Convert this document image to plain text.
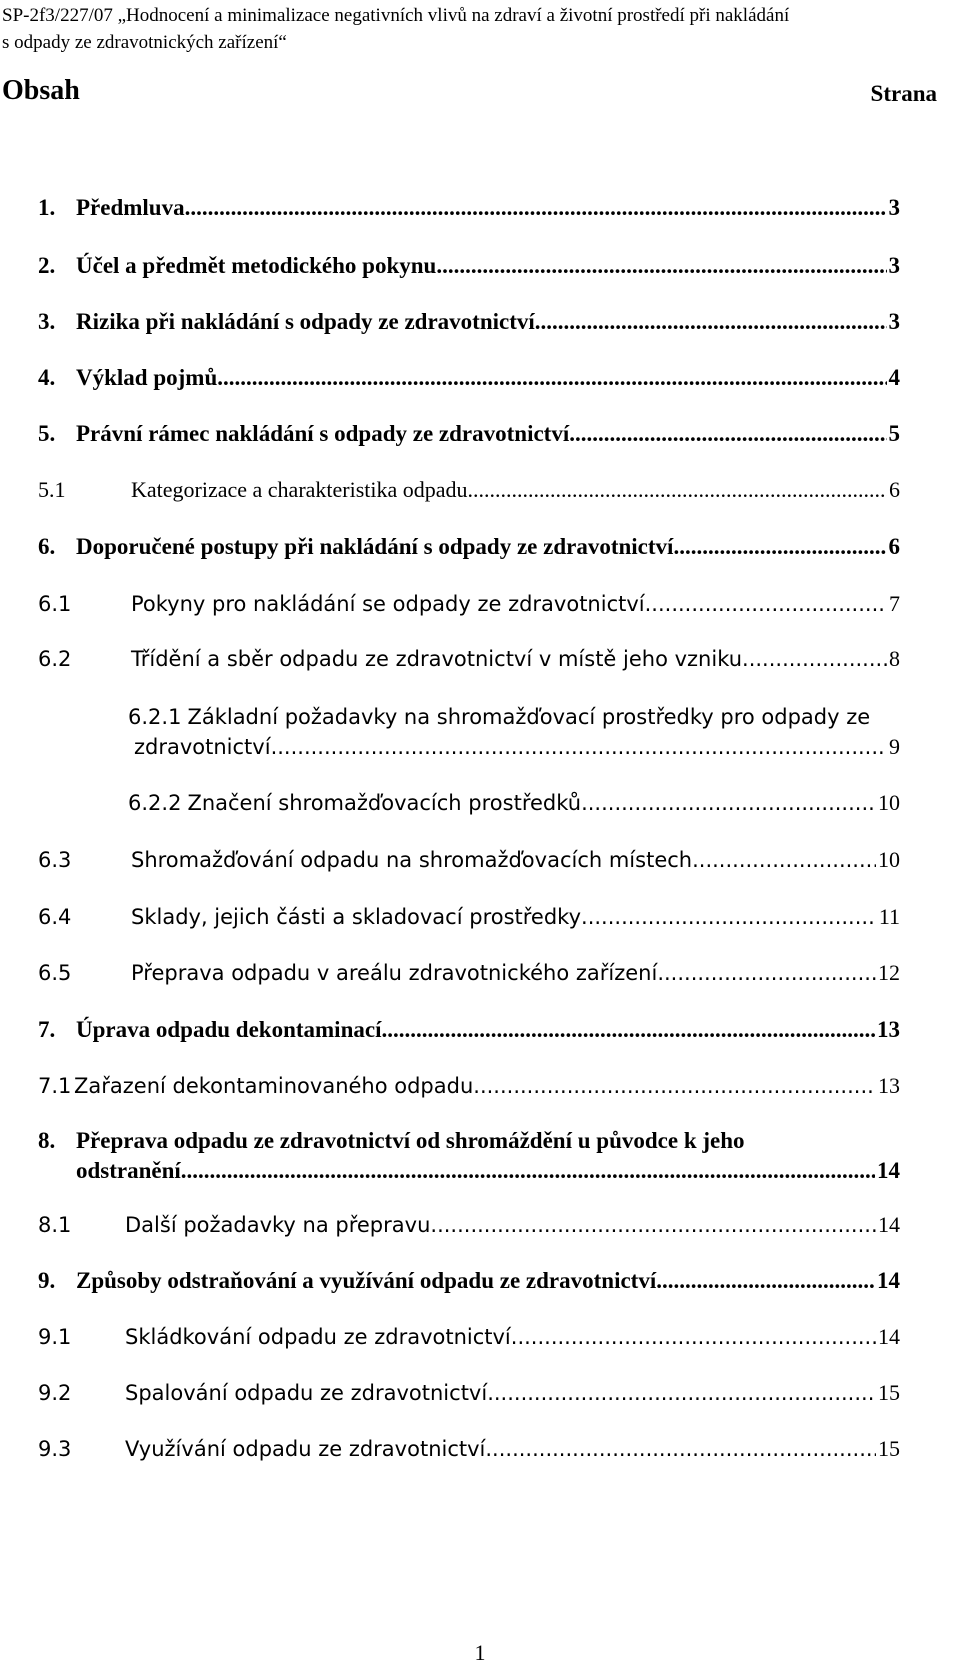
SP-2f3/227/07 „Hodnocení a minimalizace negativních vlivů na zdraví a životní prostředí při nakládání
s odpady ze zdravotnických zařízení“
Obsah	Strana
1. Předmluva .....	3
2. Účel a předmět metodického pokynu .....	3
3. Rizika při nakládání s odpady ze zdravotnictví .....	3
4. Výklad pojmů .....	4
5. Právní rámec nakládání s odpady ze zdravotnictví .....	5
5.1	Kategorizace a charakteristika odpadu .....	6
6. Doporučené postupy při nakládání s odpady ze zdravotnictví .....	6
6.1	Pokyny pro nakládání se odpady ze zdravotnictví .....	7
6.2	Třídění a sběr odpadu ze zdravotnictví v místě jeho vzniku .....	8
6.2.1 Základní požadavky na shromažďovací prostředky pro odpady ze
zdravotnictví .....	9
6.2.2 Značení shromažďovacích prostředků .....	10
6.3	Shromažďování odpadu na shromažďovacích místech .....	10
6.4	Sklady, jejich části a skladovací prostředky .....	11
6.5	Přeprava odpadu v areálu zdravotnického zařízení .....	12
7. Úprava odpadu dekontaminací .....	13
7.1 Zařazení dekontaminovaného odpadu .....	13
8. Přeprava odpadu ze zdravotnictví od shromáždění u původce k jeho
odstranění .....	14
8.1	Další požadavky na přepravu .....	14
9. Způsoby odstraňování a využívání odpadu ze zdravotnictví .....	14
9.1	Skládkování odpadu ze zdravotnictví .....	14
9.2	Spalování odpadu ze zdravotnictví .....	15
9.3	Využívání odpadu ze zdravotnictví .....	15
1
